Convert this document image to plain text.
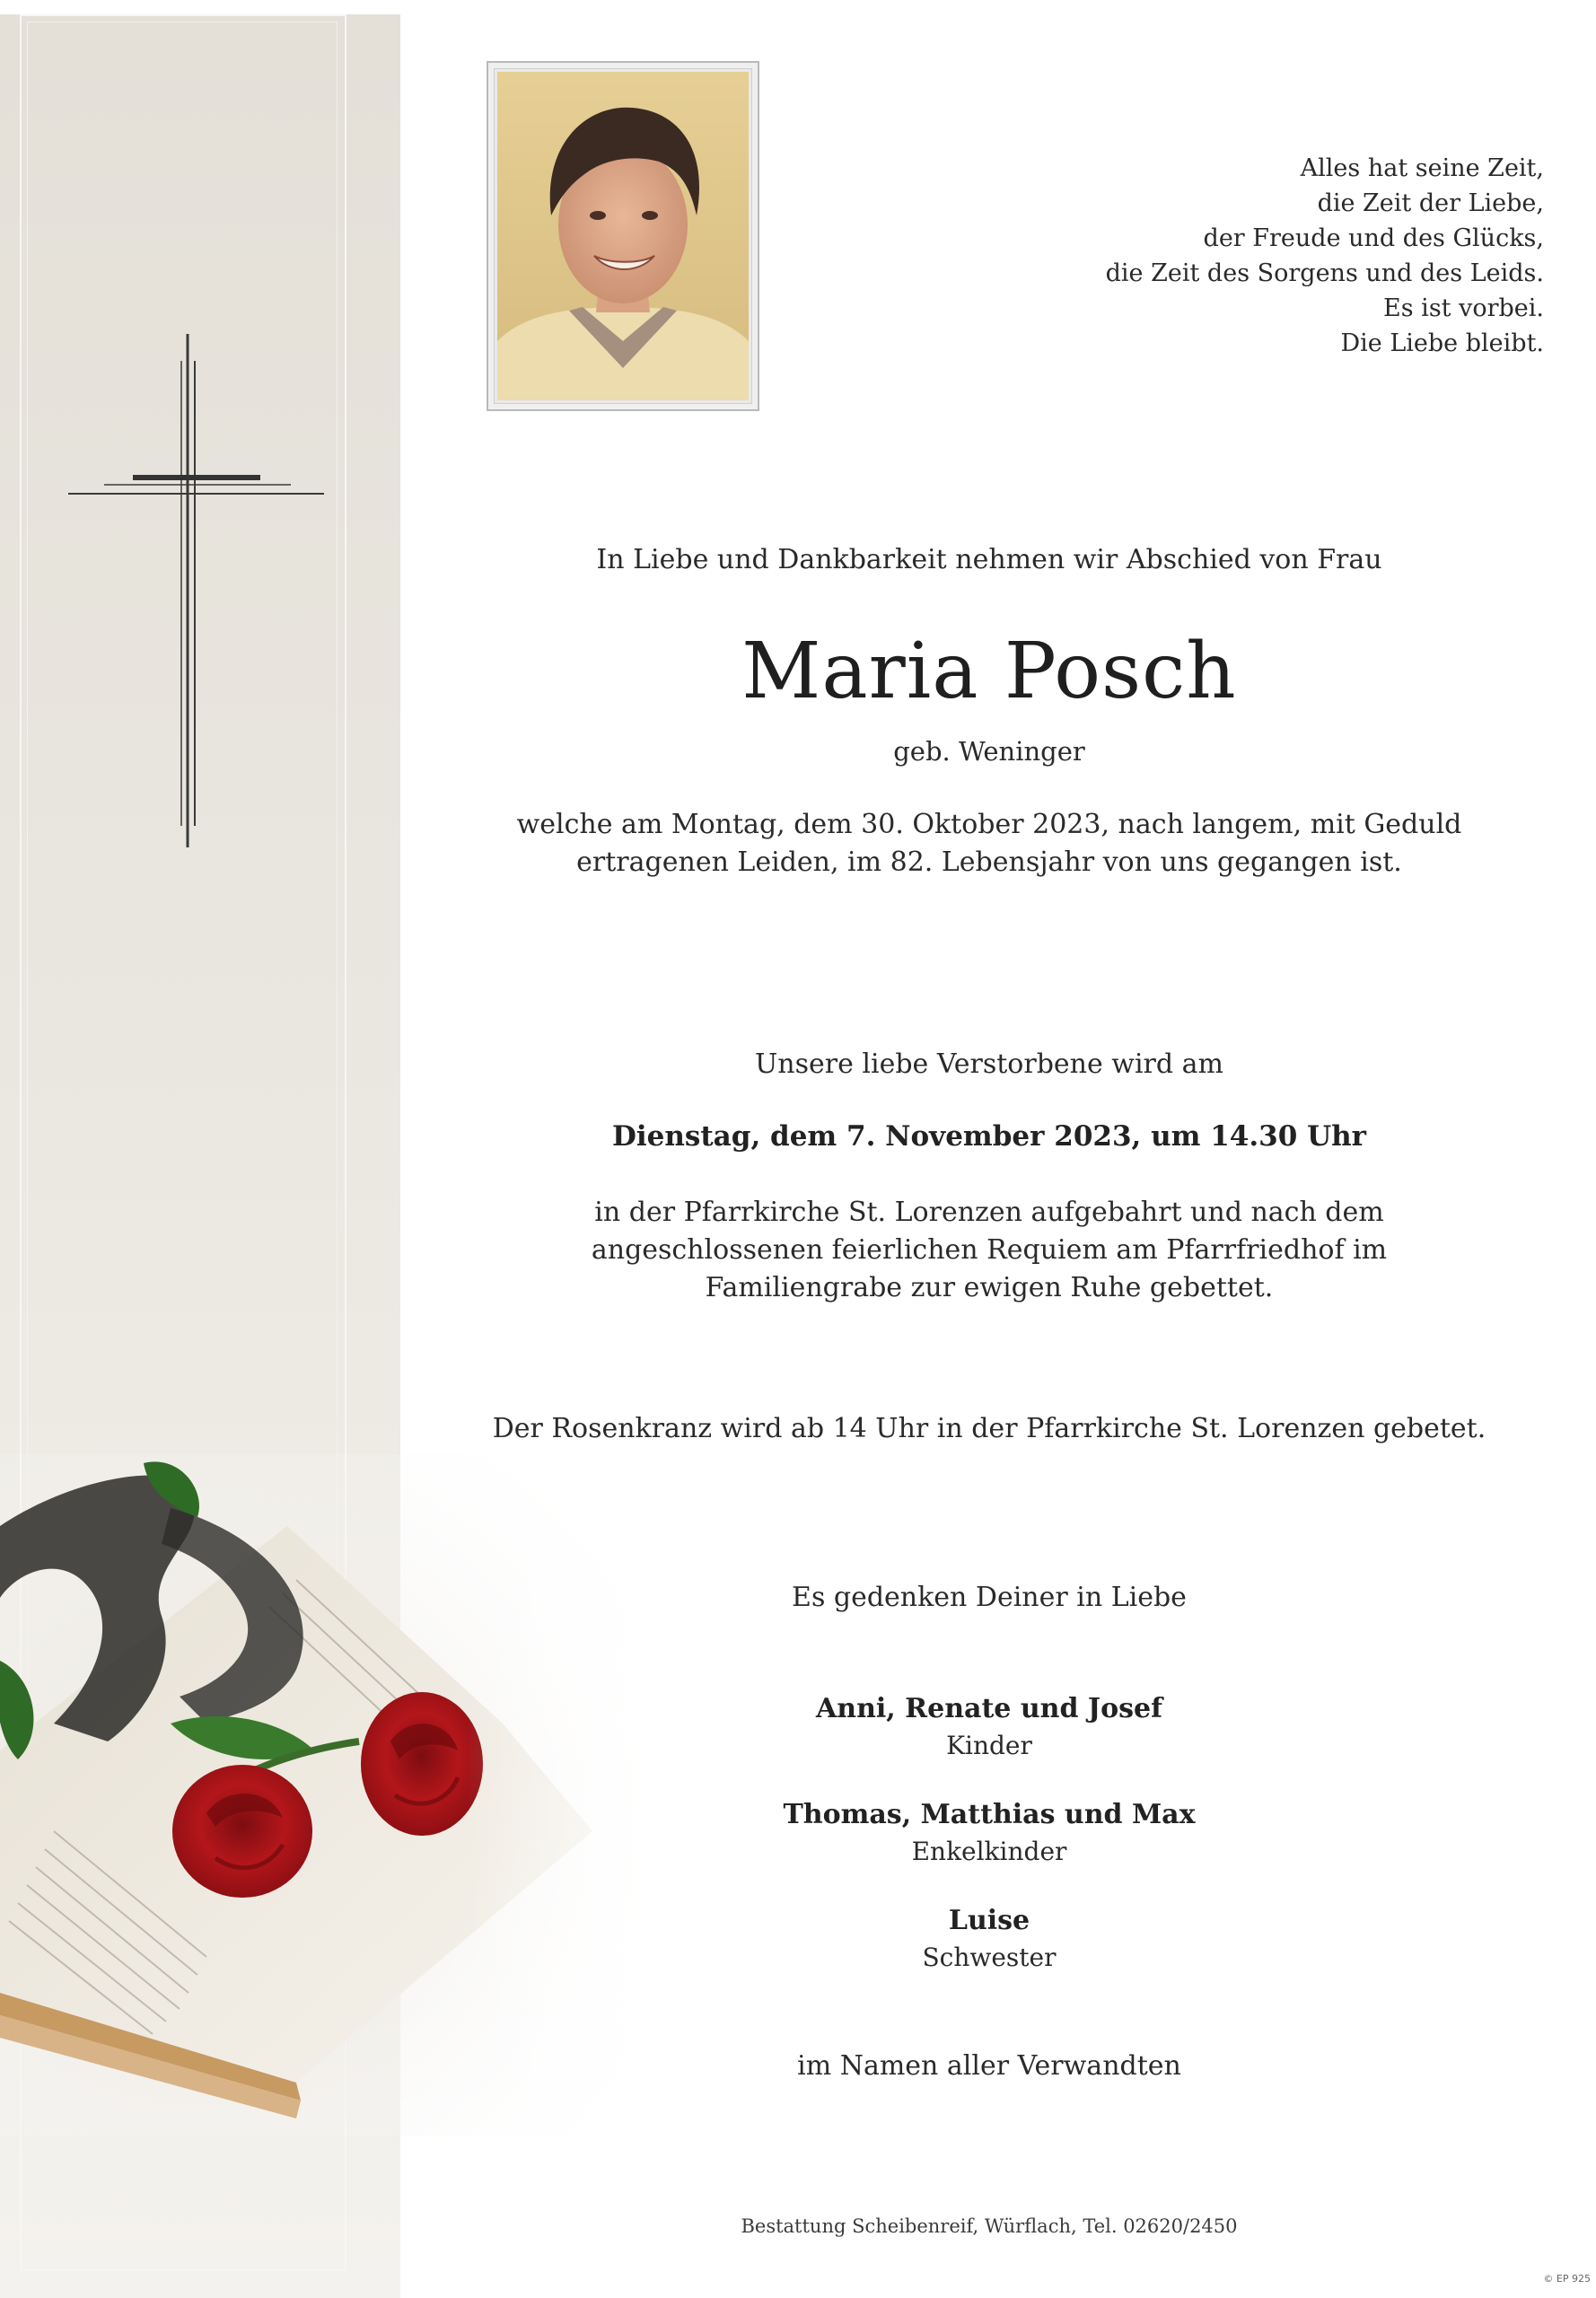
Alles hat seine Zeit,
die Zeit der Liebe,
der Freude und des Glücks,
die Zeit des Sorgens und des Leids.
Es ist vorbei.
Die Liebe bleibt.
In Liebe und Dankbarkeit nehmen wir Abschied von Frau
Maria Posch
geb. Weninger
welche am Montag, dem 30. Oktober 2023, nach langem, mit Geduld
ertragenen Leiden, im 82. Lebensjahr von uns gegangen ist.
Unsere liebe Verstorbene wird am
Dienstag, dem 7. November 2023, um 14.30 Uhr
in der Pfarrkirche St. Lorenzen aufgebahrt und nach dem
angeschlossenen feierlichen Requiem am Pfarrfriedhof im
Familiengrabe zur ewigen Ruhe gebettet.
Der Rosenkranz wird ab 14 Uhr in der Pfarrkirche St. Lorenzen gebetet.
Es gedenken Deiner in Liebe
Anni, Renate und Josef
Kinder
Thomas, Matthias und Max
Enkelkinder
Luise
Schwester
im Namen aller Verwandten
Bestattung Scheibenreif, Würflach, Tel. 02620/2450
© EP 925
